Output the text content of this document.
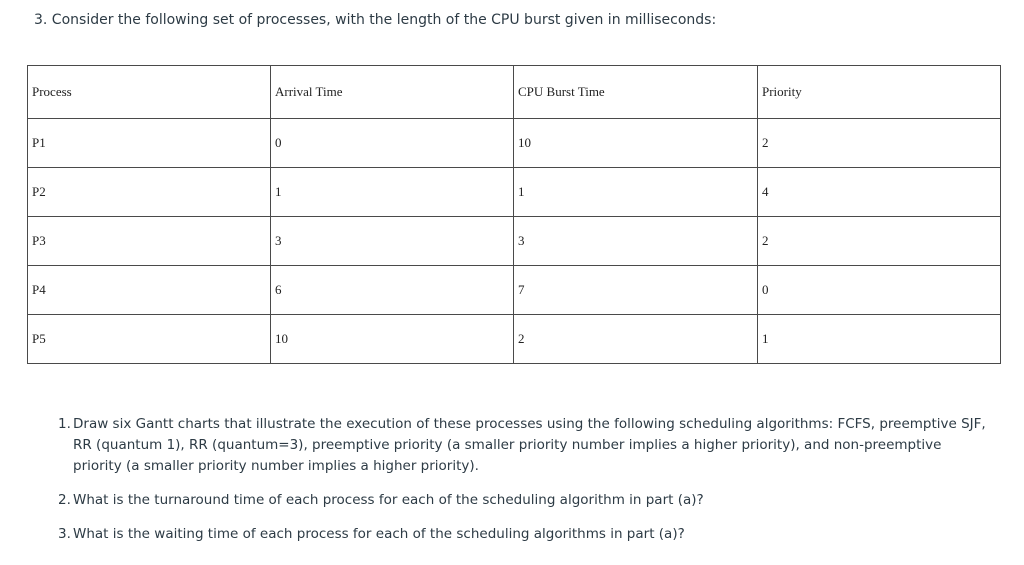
3. Consider the following set of processes, with the length of the CPU burst given in milliseconds:
Process	Arrival Time	CPU Burst Time	Priority
P1	0	10	2
P2	1	1	4
P3	3	3	2
P4	6	7	0
P5	10	2	1
1. Draw six Gantt charts that illustrate the execution of these processes using the following scheduling algorithms: FCFS, preemptive SJF, RR (quantum 1), RR (quantum=3), preemptive priority (a smaller priority number implies a higher priority), and non-preemptive priority (a smaller priority number implies a higher priority).
2. What is the turnaround time of each process for each of the scheduling algorithm in part (a)?
3. What is the waiting time of each process for each of the scheduling algorithms in part (a)?
